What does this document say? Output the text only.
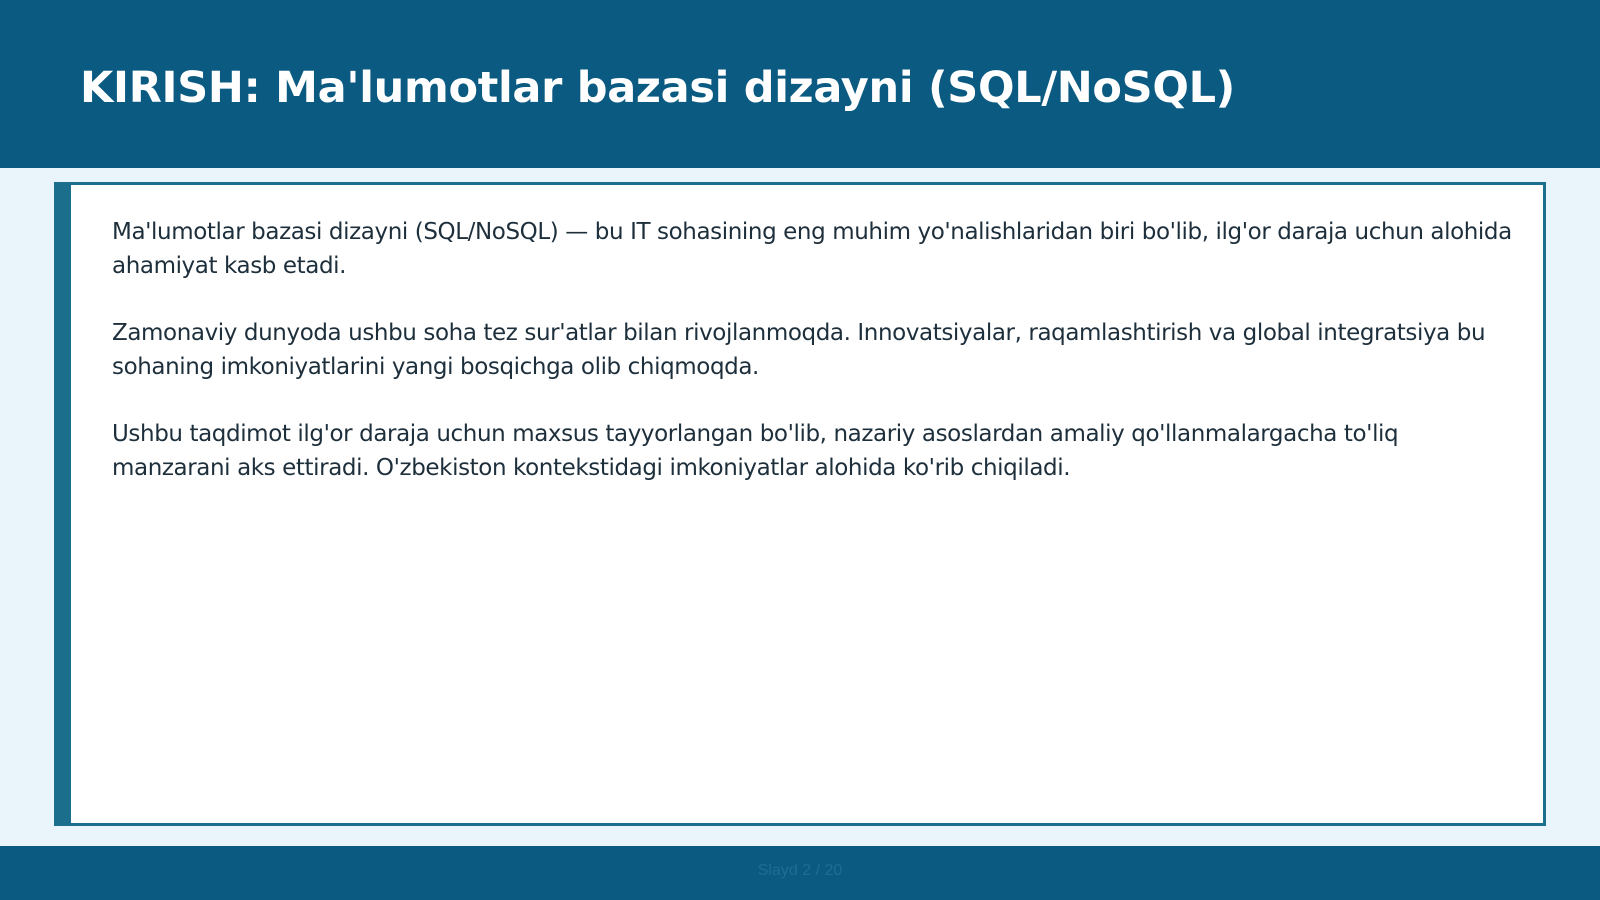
KIRISH: Ma'lumotlar bazasi dizayni (SQL/NoSQL)

Ma'lumotlar bazasi dizayni (SQL/NoSQL) — bu IT sohasining eng muhim yo'nalishlaridan biri bo'lib, ilg'or daraja uchun alohida ahamiyat kasb etadi.

Zamonaviy dunyoda ushbu soha tez sur'atlar bilan rivojlanmoqda. Innovatsiyalar, raqamlashtirish va global integratsiya bu sohaning imkoniyatlarini yangi bosqichga olib chiqmoqda.

Ushbu taqdimot ilg'or daraja uchun maxsus tayyorlangan bo'lib, nazariy asoslardan amaliy qo'llanmalargacha to'liq manzarani aks ettiradi. O'zbekiston kontekstidagi imkoniyatlar alohida ko'rib chiqiladi.

Slayd 2 / 20
